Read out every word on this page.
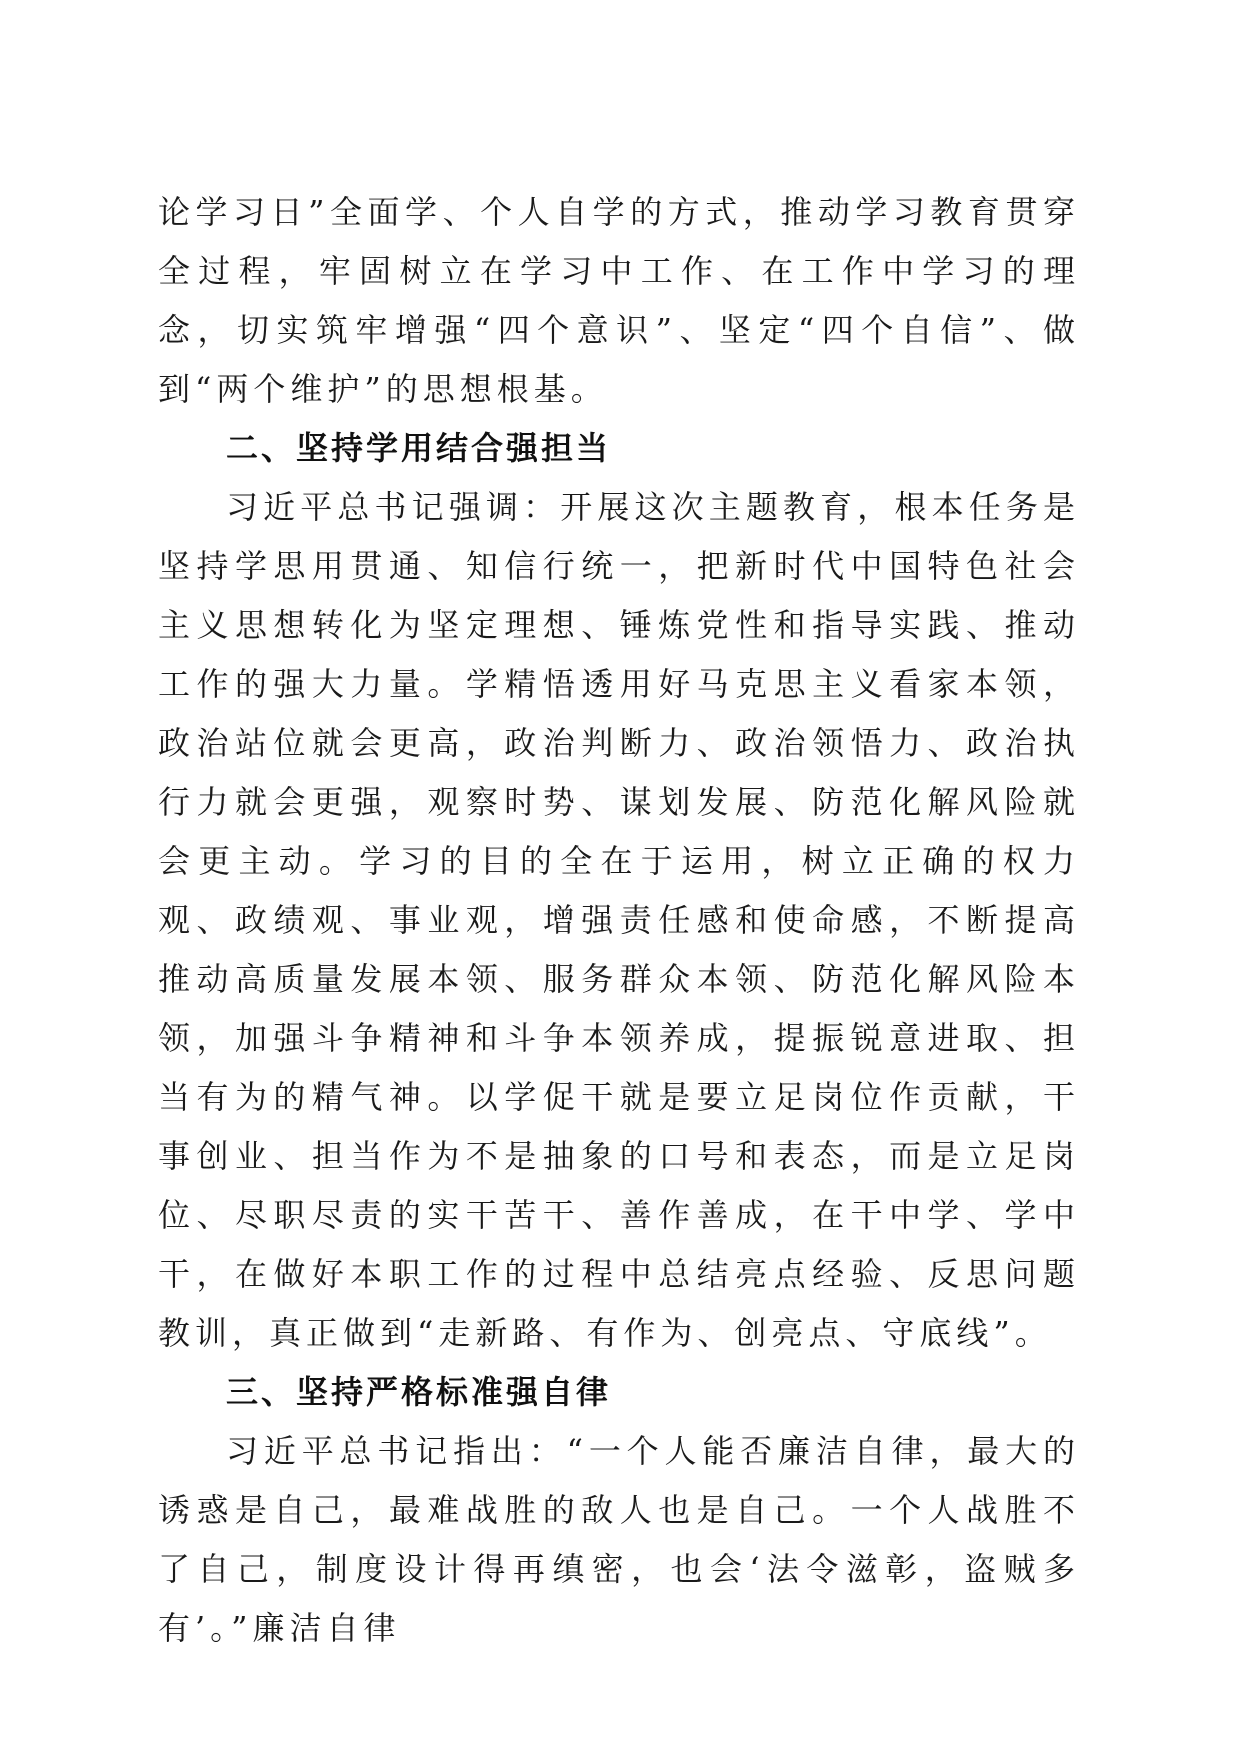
论学习日”全面学、个人自学的方式，推动学习教育贯穿全过程，牢固树立在学习中工作、在工作中学习的理念，切实筑牢增强“四个意识”、坚定“四个自信”、做到“两个维护”的思想根基。

二、坚持学用结合强担当

习近平总书记强调：开展这次主题教育，根本任务是坚持学思用贯通、知信行统一，把新时代中国特色社会主义思想转化为坚定理想、锤炼党性和指导实践、推动工作的强大力量。学精悟透用好马克思主义看家本领，政治站位就会更高，政治判断力、政治领悟力、政治执行力就会更强，观察时势、谋划发展、防范化解风险就会更主动。学习的目的全在于运用，树立正确的权力观、政绩观、事业观，增强责任感和使命感，不断提高推动高质量发展本领、服务群众本领、防范化解风险本领，加强斗争精神和斗争本领养成，提振锐意进取、担当有为的精气神。以学促干就是要立足岗位作贡献，干事创业、担当作为不是抽象的口号和表态，而是立足岗位、尽职尽责的实干苦干、善作善成，在干中学、学中干，在做好本职工作的过程中总结亮点经验、反思问题教训，真正做到“走新路、有作为、创亮点、守底线”。

三、坚持严格标准强自律

习近平总书记指出：“一个人能否廉洁自律，最大的诱惑是自己，最难战胜的敌人也是自己。一个人战胜不了自己，制度设计得再缜密，也会‘法令滋彰，盗贼多有’。”廉洁自律
